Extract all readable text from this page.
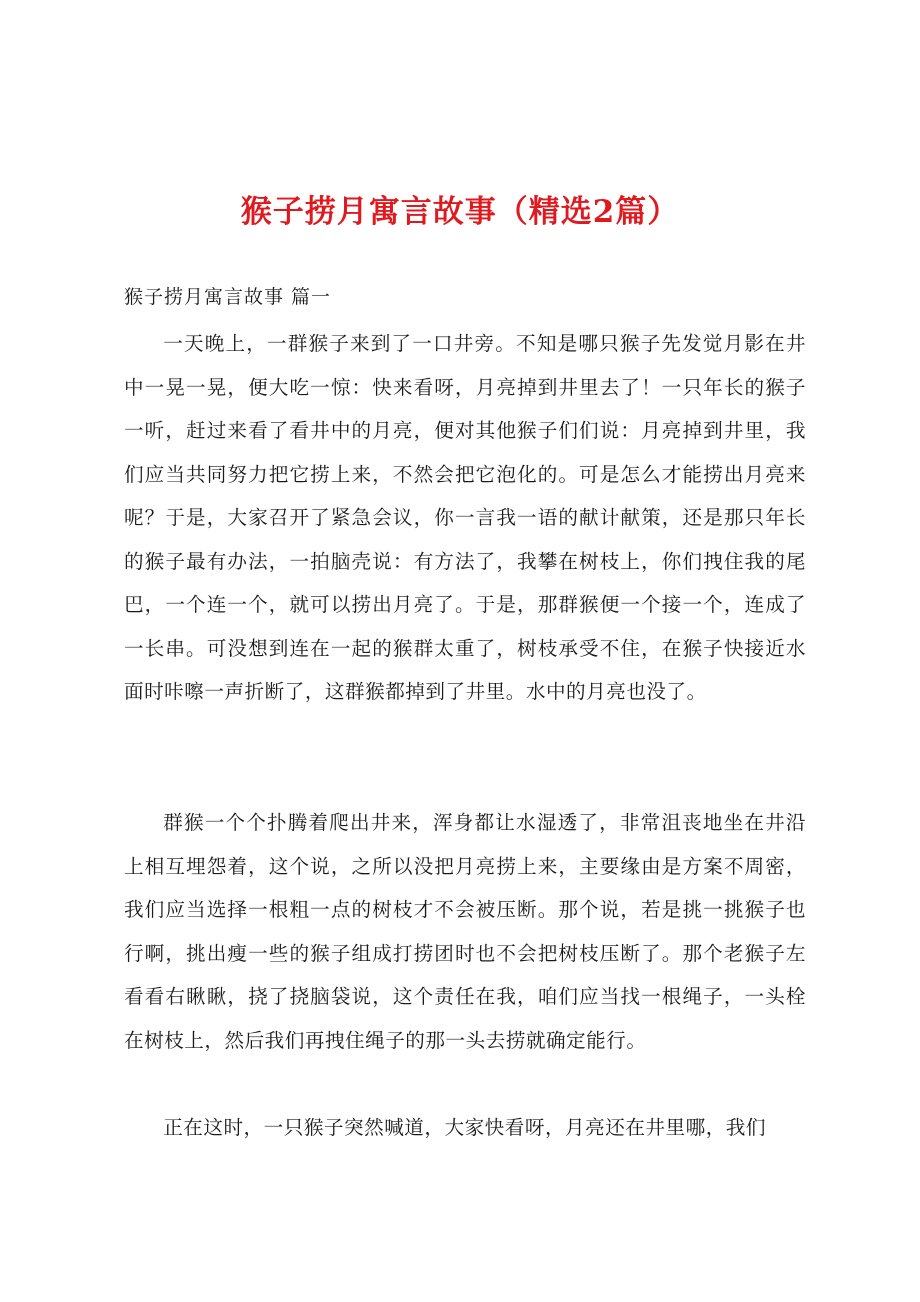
猴子捞月寓言故事（精选2篇）
猴子捞月寓言故事 篇一

一天晚上，一群猴子来到了一口井旁。不知是哪只猴子先发觉月影在井中一晃一晃，便大吃一惊：快来看呀，月亮掉到井里去了！一只年长的猴子一听，赶过来看了看井中的月亮，便对其他猴子们们说：月亮掉到井里，我们应当共同努力把它捞上来，不然会把它泡化的。可是怎么才能捞出月亮来呢？于是，大家召开了紧急会议，你一言我一语的献计献策，还是那只年长的猴子最有办法，一拍脑壳说：有方法了，我攀在树枝上，你们拽住我的尾巴，一个连一个，就可以捞出月亮了。于是，那群猴便一个接一个，连成了一长串。可没想到连在一起的猴群太重了，树枝承受不住，在猴子快接近水面时咔嚓一声折断了，这群猴都掉到了井里。水中的月亮也没了。

群猴一个个扑腾着爬出井来，浑身都让水湿透了，非常沮丧地坐在井沿上相互埋怨着，这个说，之所以没把月亮捞上来，主要缘由是方案不周密，我们应当选择一根粗一点的树枝才不会被压断。那个说，若是挑一挑猴子也行啊，挑出瘦一些的猴子组成打捞团时也不会把树枝压断了。那个老猴子左看看右瞅瞅，挠了挠脑袋说，这个责任在我，咱们应当找一根绳子，一头栓在树枝上，然后我们再拽住绳子的那一头去捞就确定能行。

正在这时，一只猴子突然喊道，大家快看呀，月亮还在井里哪，我们
